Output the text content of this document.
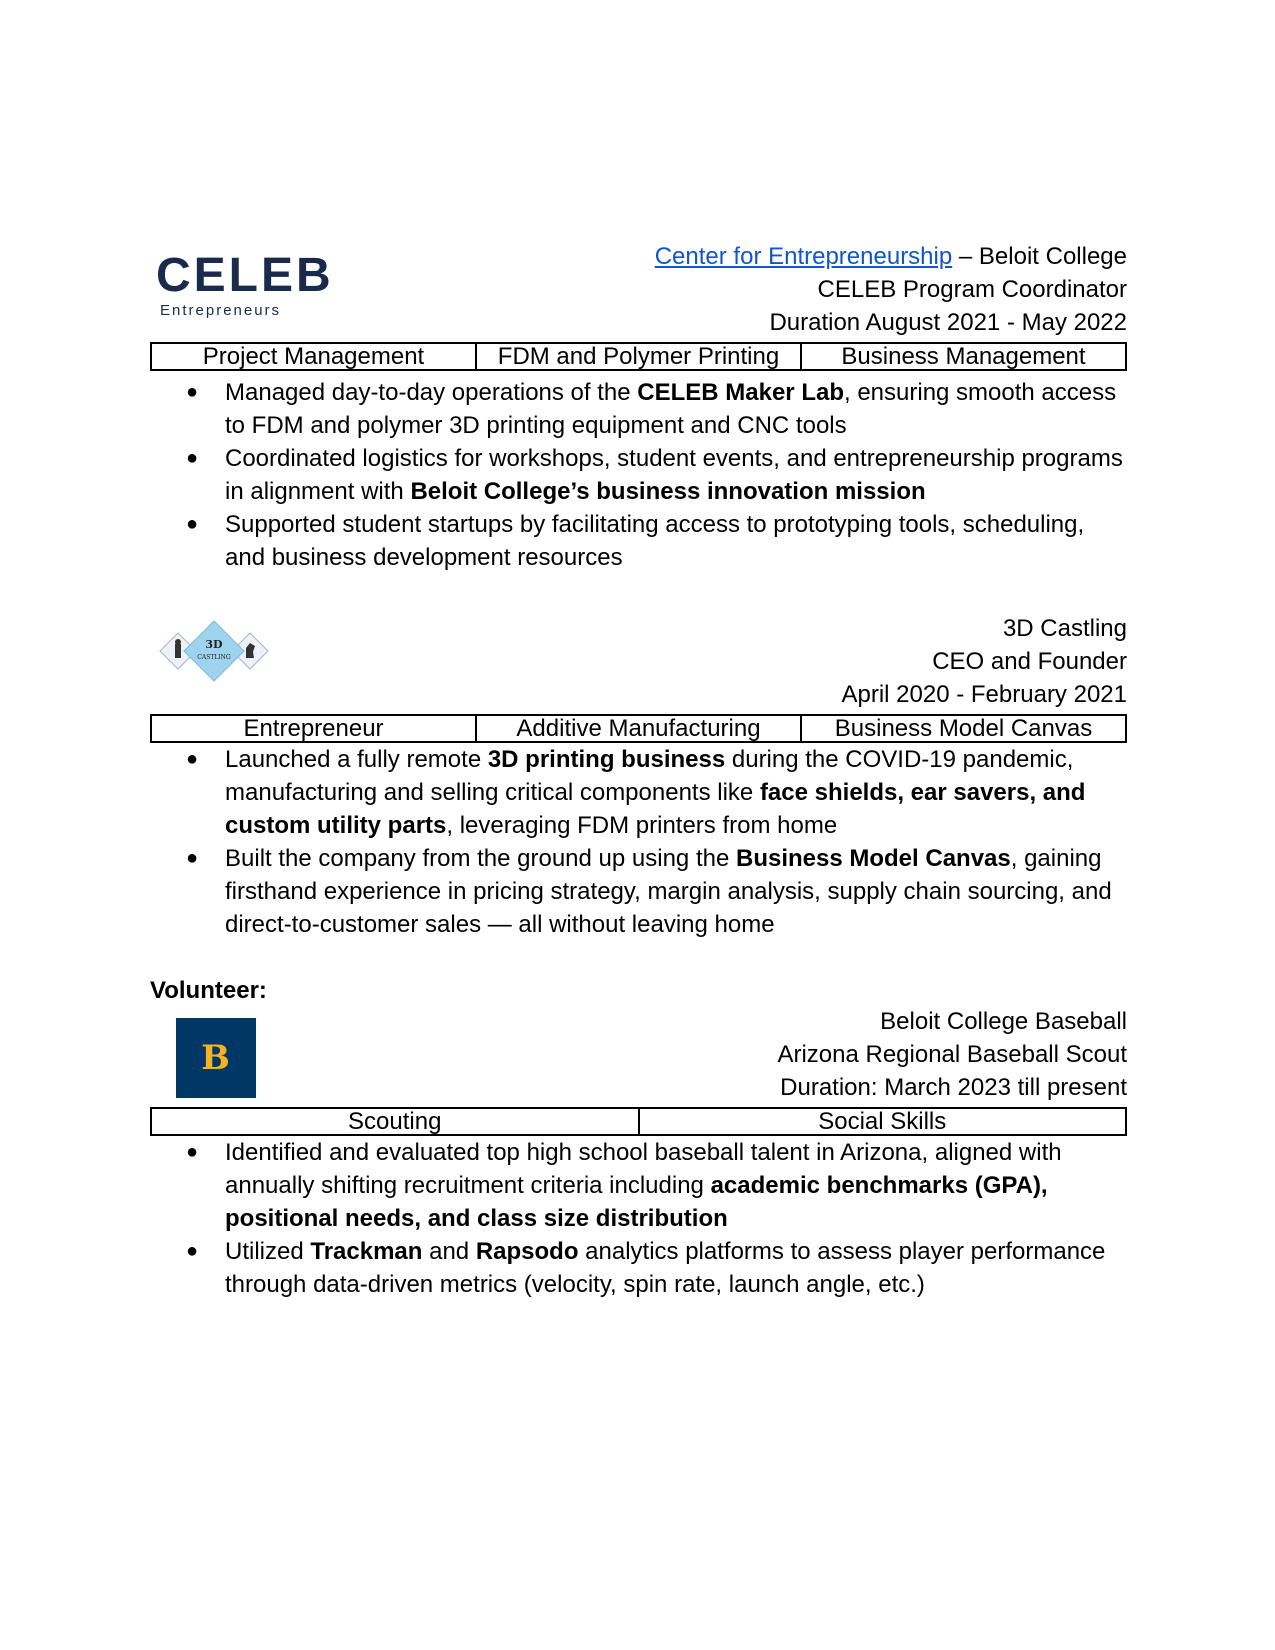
CELEB
Entrepreneurs
Center for Entrepreneurship – Beloit College
CELEB Program Coordinator
Duration August 2021 - May 2022
Project Management	FDM and Polymer Printing	Business Management
● Managed day-to-day operations of the CELEB Maker Lab, ensuring smooth access to FDM and polymer 3D printing equipment and CNC tools
● Coordinated logistics for workshops, student events, and entrepreneurship programs in alignment with Beloit College’s business innovation mission
● Supported student startups by facilitating access to prototyping tools, scheduling, and business development resources
3D
CASTLING
3D Castling
CEO and Founder
April 2020 - February 2021
Entrepreneur	Additive Manufacturing	Business Model Canvas
● Launched a fully remote 3D printing business during the COVID-19 pandemic, manufacturing and selling critical components like face shields, ear savers, and custom utility parts, leveraging FDM printers from home
● Built the company from the ground up using the Business Model Canvas, gaining firsthand experience in pricing strategy, margin analysis, supply chain sourcing, and direct-to-customer sales — all without leaving home
Volunteer:
B
Beloit College Baseball
Arizona Regional Baseball Scout
Duration: March 2023 till present
Scouting	Social Skills
● Identified and evaluated top high school baseball talent in Arizona, aligned with annually shifting recruitment criteria including academic benchmarks (GPA), positional needs, and class size distribution
● Utilized Trackman and Rapsodo analytics platforms to assess player performance through data-driven metrics (velocity, spin rate, launch angle, etc.)
